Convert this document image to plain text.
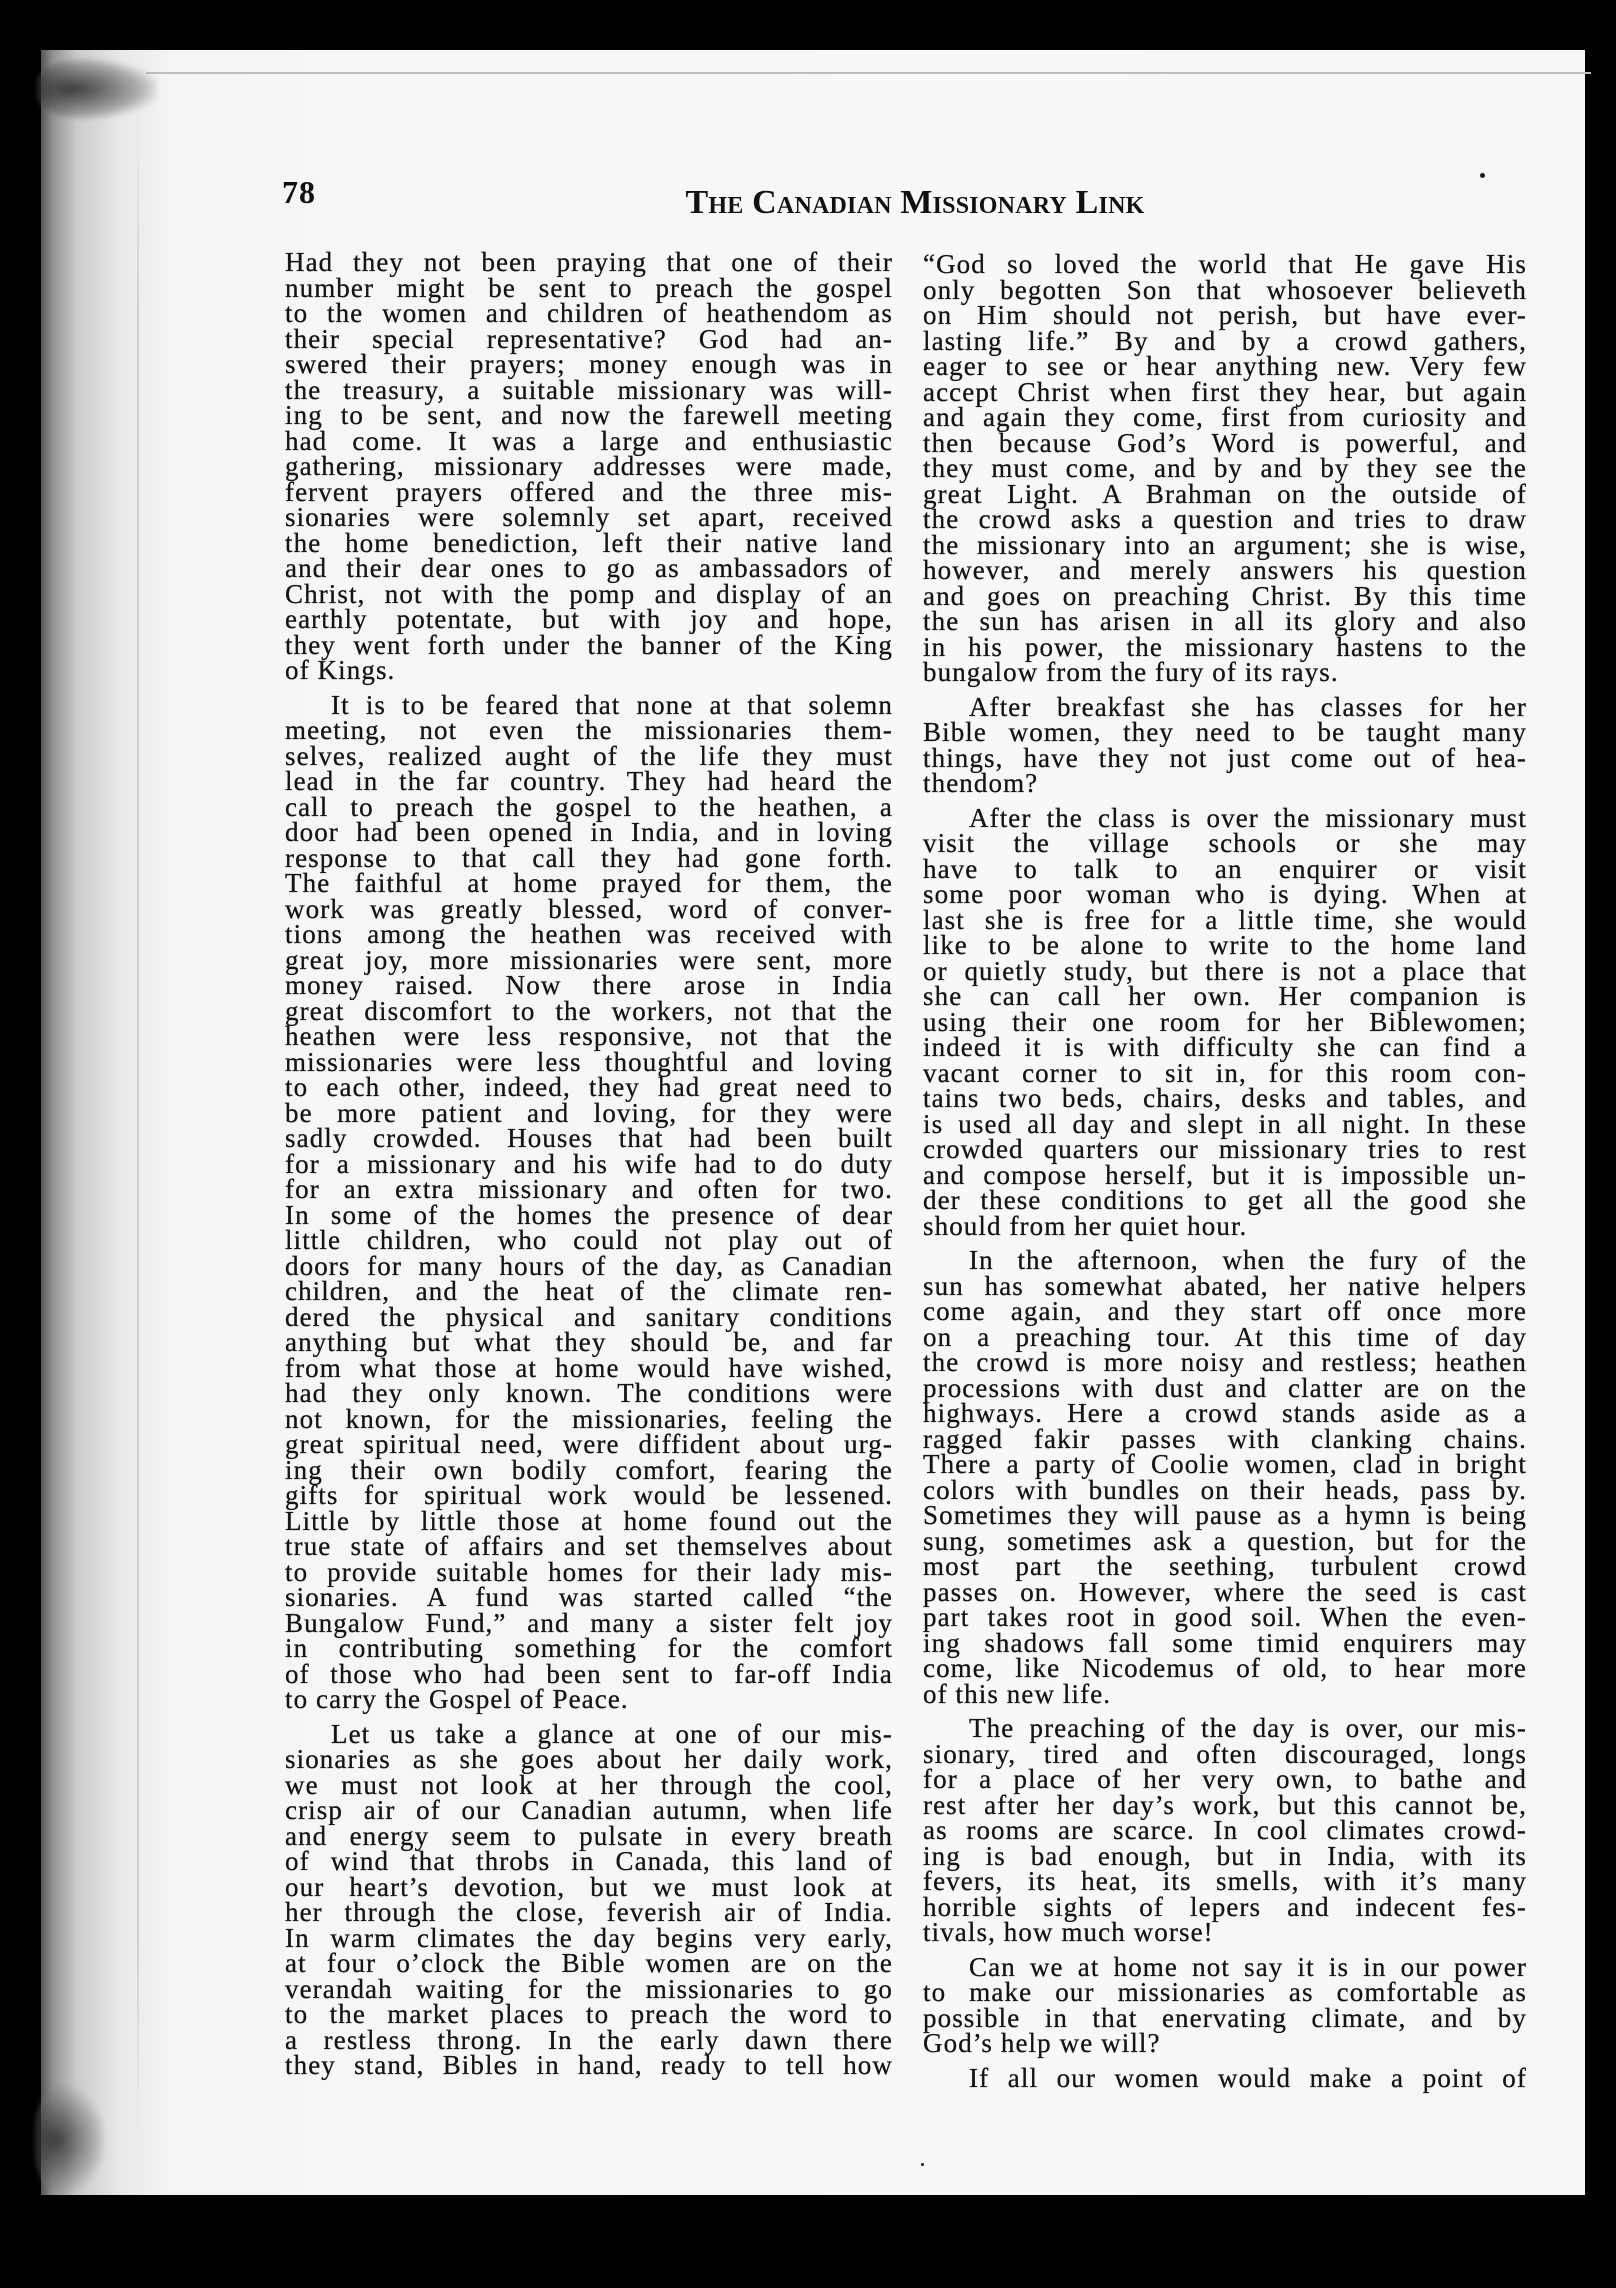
78	The Canadian Missionary Link
Had they not been praying that one of their
number might be sent to preach the gospel
to the women and children of heathendom as
their special representative? God had an-
swered their prayers; money enough was in
the treasury, a suitable missionary was will-
ing to be sent, and now the farewell meeting
had come. It was a large and enthusiastic
gathering, missionary addresses were made,
fervent prayers offered and the three mis-
sionaries were solemnly set apart, received
the home benediction, left their native land
and their dear ones to go as ambassadors of
Christ, not with the pomp and display of an
earthly potentate, but with joy and hope,
they went forth under the banner of the King
of Kings.
It is to be feared that none at that solemn
meeting, not even the missionaries them-
selves, realized aught of the life they must
lead in the far country. They had heard the
call to preach the gospel to the heathen, a
door had been opened in India, and in loving
response to that call they had gone forth.
The faithful at home prayed for them, the
work was greatly blessed, word of conver-
tions among the heathen was received with
great joy, more missionaries were sent, more
money raised. Now there arose in India
great discomfort to the workers, not that the
heathen were less responsive, not that the
missionaries were less thoughtful and loving
to each other, indeed, they had great need to
be more patient and loving, for they were
sadly crowded. Houses that had been built
for a missionary and his wife had to do duty
for an extra missionary and often for two.
In some of the homes the presence of dear
little children, who could not play out of
doors for many hours of the day, as Canadian
children, and the heat of the climate ren-
dered the physical and sanitary conditions
anything but what they should be, and far
from what those at home would have wished,
had they only known. The conditions were
not known, for the missionaries, feeling the
great spiritual need, were diffident about urg-
ing their own bodily comfort, fearing the
gifts for spiritual work would be lessened.
Little by little those at home found out the
true state of affairs and set themselves about
to provide suitable homes for their lady mis-
sionaries. A fund was started called “the
Bungalow Fund,” and many a sister felt joy
in contributing something for the comfort
of those who had been sent to far-off India
to carry the Gospel of Peace.
Let us take a glance at one of our mis-
sionaries as she goes about her daily work,
we must not look at her through the cool,
crisp air of our Canadian autumn, when life
and energy seem to pulsate in every breath
of wind that throbs in Canada, this land of
our heart’s devotion, but we must look at
her through the close, feverish air of India.
In warm climates the day begins very early,
at four o’clock the Bible women are on the
verandah waiting for the missionaries to go
to the market places to preach the word to
a restless throng. In the early dawn there
they stand, Bibles in hand, ready to tell how
“God so loved the world that He gave His
only begotten Son that whosoever believeth
on Him should not perish, but have ever-
lasting life.” By and by a crowd gathers,
eager to see or hear anything new. Very few
accept Christ when first they hear, but again
and again they come, first from curiosity and
then because God’s Word is powerful, and
they must come, and by and by they see the
great Light. A Brahman on the outside of
the crowd asks a question and tries to draw
the missionary into an argument; she is wise,
however, and merely answers his question
and goes on preaching Christ. By this time
the sun has arisen in all its glory and also
in his power, the missionary hastens to the
bungalow from the fury of its rays.
After breakfast she has classes for her
Bible women, they need to be taught many
things, have they not just come out of hea-
thendom?
After the class is over the missionary must
visit the village schools or she may
have to talk to an enquirer or visit
some poor woman who is dying. When at
last she is free for a little time, she would
like to be alone to write to the home land
or quietly study, but there is not a place that
she can call her own. Her companion is
using their one room for her Biblewomen;
indeed it is with difficulty she can find a
vacant corner to sit in, for this room con-
tains two beds, chairs, desks and tables, and
is used all day and slept in all night. In these
crowded quarters our missionary tries to rest
and compose herself, but it is impossible un-
der these conditions to get all the good she
should from her quiet hour.
In the afternoon, when the fury of the
sun has somewhat abated, her native helpers
come again, and they start off once more
on a preaching tour. At this time of day
the crowd is more noisy and restless; heathen
processions with dust and clatter are on the
highways. Here a crowd stands aside as a
ragged fakir passes with clanking chains.
There a party of Coolie women, clad in bright
colors with bundles on their heads, pass by.
Sometimes they will pause as a hymn is being
sung, sometimes ask a question, but for the
most part the seething, turbulent crowd
passes on. However, where the seed is cast
part takes root in good soil. When the even-
ing shadows fall some timid enquirers may
come, like Nicodemus of old, to hear more
of this new life.
The preaching of the day is over, our mis-
sionary, tired and often discouraged, longs
for a place of her very own, to bathe and
rest after her day’s work, but this cannot be,
as rooms are scarce. In cool climates crowd-
ing is bad enough, but in India, with its
fevers, its heat, its smells, with it’s many
horrible sights of lepers and indecent fes-
tivals, how much worse!
Can we at home not say it is in our power
to make our missionaries as comfortable as
possible in that enervating climate, and by
God’s help we will?
If all our women would make a point of
